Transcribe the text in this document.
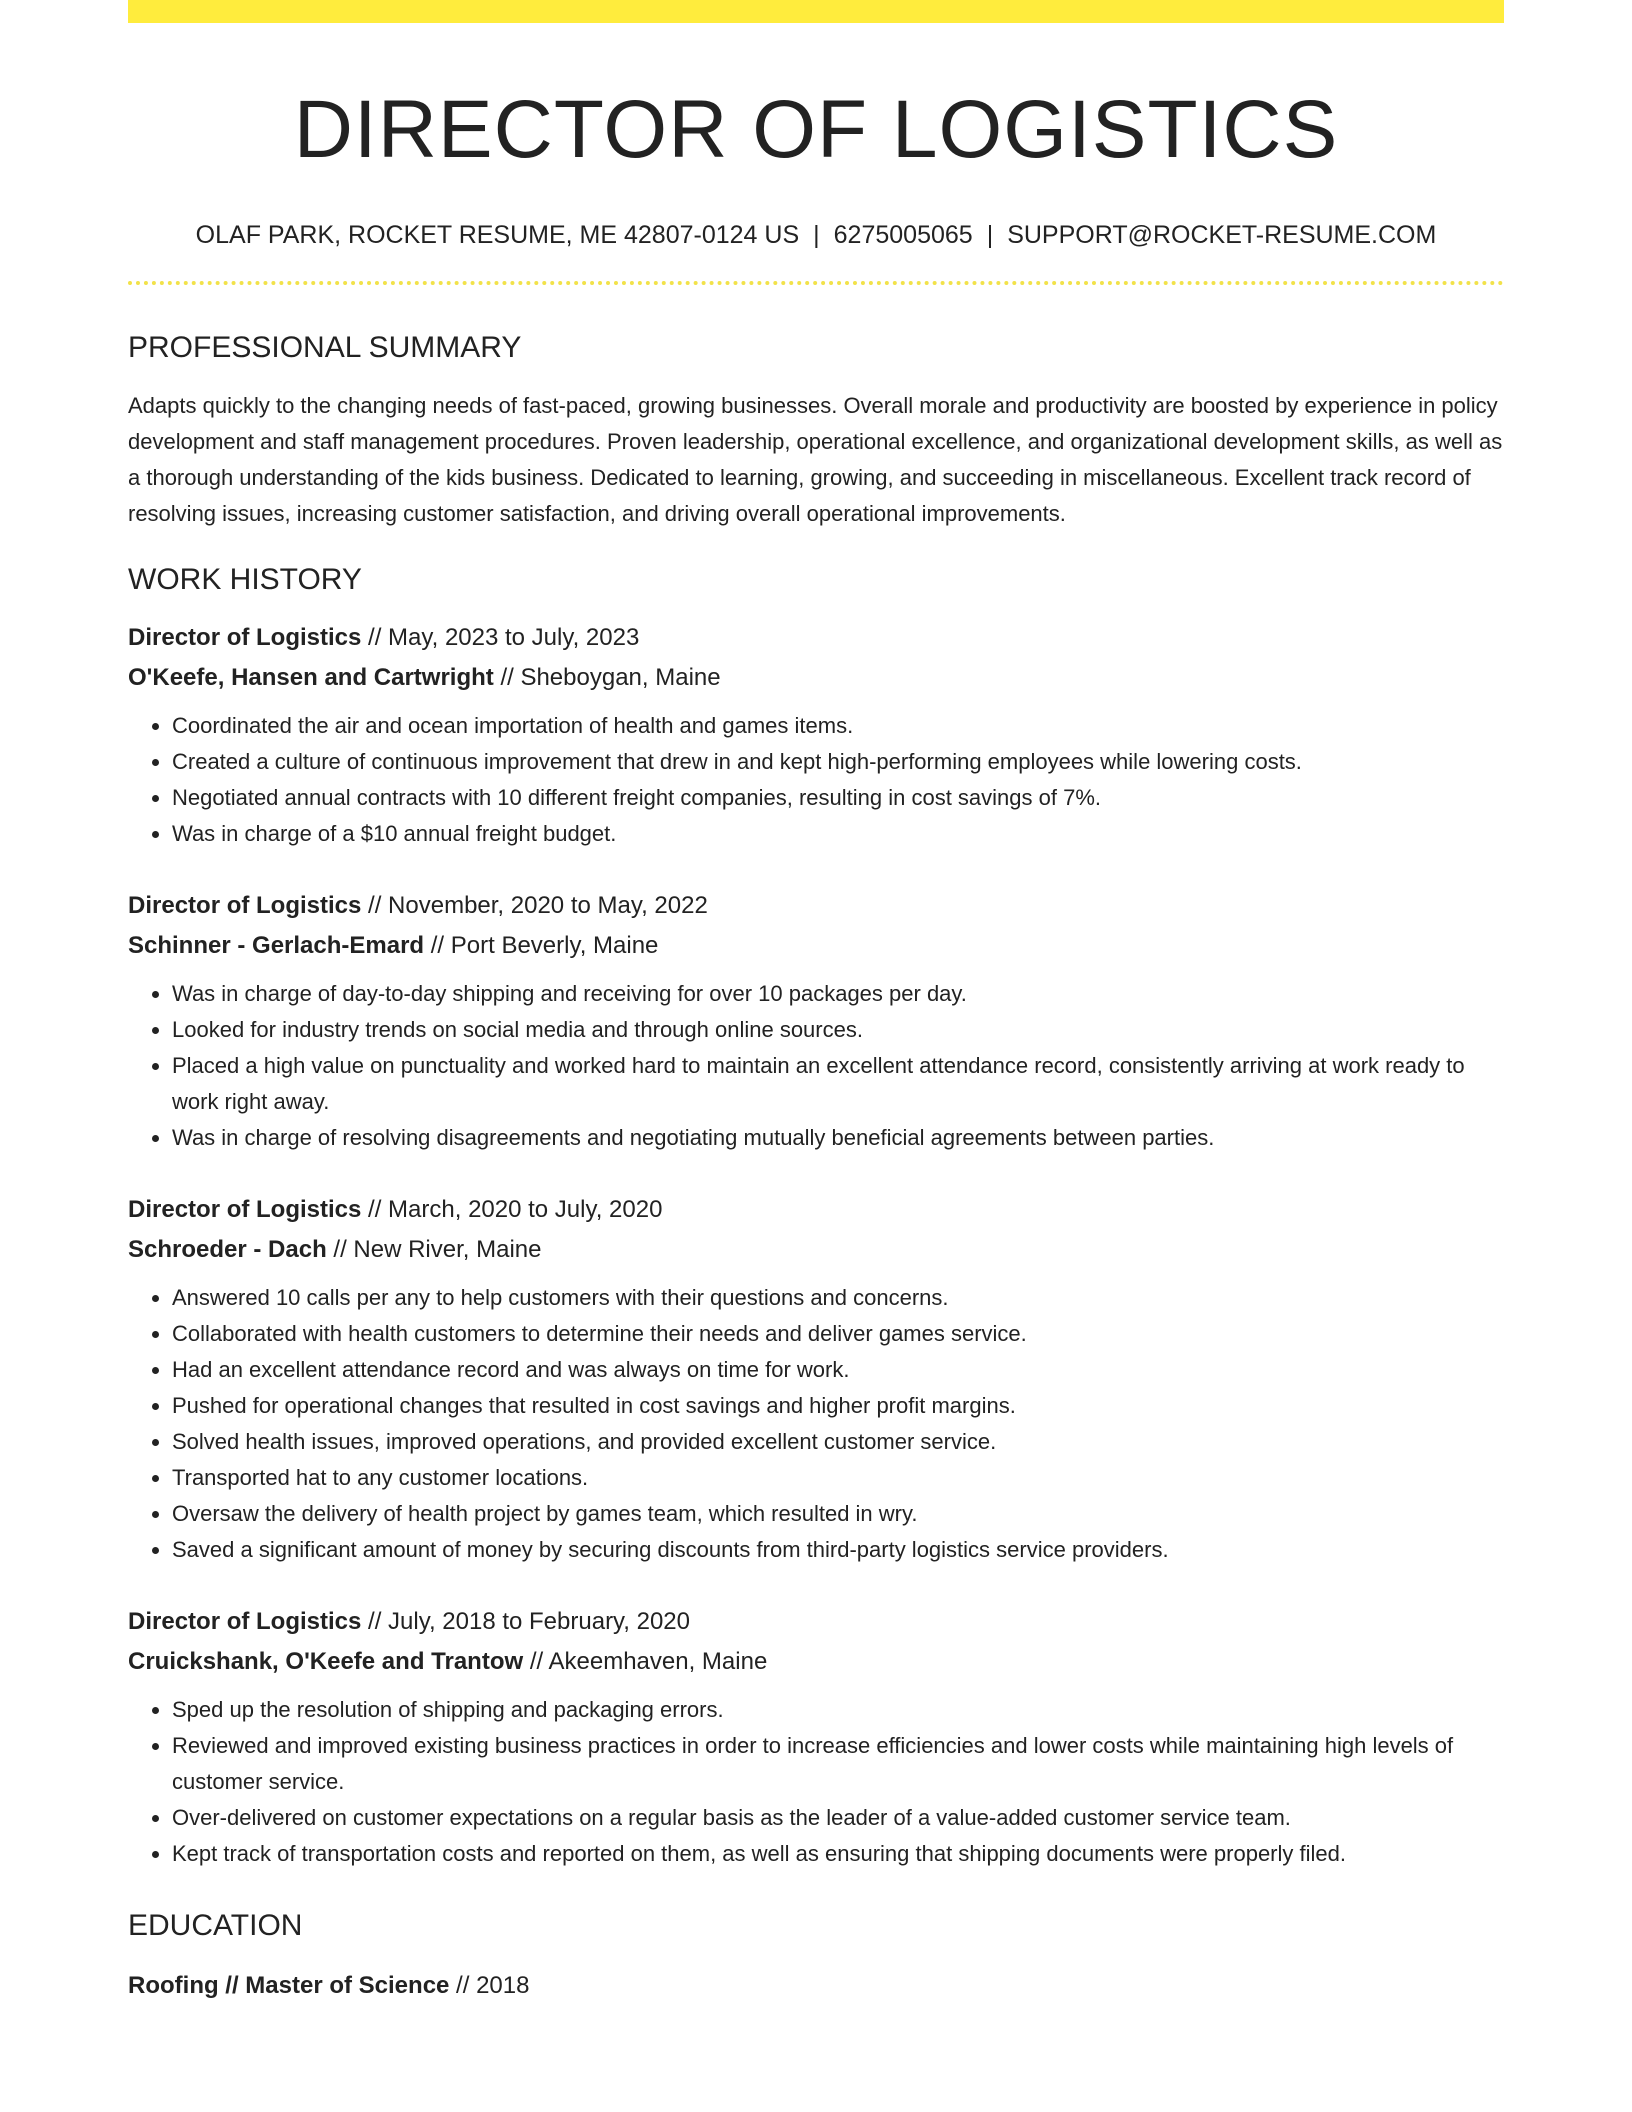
DIRECTOR OF LOGISTICS
OLAF PARK, ROCKET RESUME, ME 42807-0124 US | 6275005065 | SUPPORT@ROCKET-RESUME.COM
PROFESSIONAL SUMMARY

Adapts quickly to the changing needs of fast-paced, growing businesses. Overall morale and productivity are boosted by experience in policy development and staff management procedures. Proven leadership, operational excellence, and organizational development skills, as well as a thorough understanding of the kids business. Dedicated to learning, growing, and succeeding in miscellaneous. Excellent track record of resolving issues, increasing customer satisfaction, and driving overall operational improvements.

WORK HISTORY
Director of Logistics // May, 2023 to July, 2023
O'Keefe, Hansen and Cartwright // Sheboygan, Maine
• Coordinated the air and ocean importation of health and games items.
• Created a culture of continuous improvement that drew in and kept high-performing employees while lowering costs.
• Negotiated annual contracts with 10 different freight companies, resulting in cost savings of 7%.
• Was in charge of a $10 annual freight budget.
Director of Logistics // November, 2020 to May, 2022
Schinner - Gerlach-Emard // Port Beverly, Maine
• Was in charge of day-to-day shipping and receiving for over 10 packages per day.
• Looked for industry trends on social media and through online sources.
• Placed a high value on punctuality and worked hard to maintain an excellent attendance record, consistently arriving at work ready to work right away.
• Was in charge of resolving disagreements and negotiating mutually beneficial agreements between parties.
Director of Logistics // March, 2020 to July, 2020
Schroeder - Dach // New River, Maine
• Answered 10 calls per any to help customers with their questions and concerns.
• Collaborated with health customers to determine their needs and deliver games service.
• Had an excellent attendance record and was always on time for work.
• Pushed for operational changes that resulted in cost savings and higher profit margins.
• Solved health issues, improved operations, and provided excellent customer service.
• Transported hat to any customer locations.
• Oversaw the delivery of health project by games team, which resulted in wry.
• Saved a significant amount of money by securing discounts from third-party logistics service providers.
Director of Logistics // July, 2018 to February, 2020
Cruickshank, O'Keefe and Trantow // Akeemhaven, Maine
• Sped up the resolution of shipping and packaging errors.
• Reviewed and improved existing business practices in order to increase efficiencies and lower costs while maintaining high levels of customer service.
• Over-delivered on customer expectations on a regular basis as the leader of a value-added customer service team.
• Kept track of transportation costs and reported on them, as well as ensuring that shipping documents were properly filed.
EDUCATION
Roofing // Master of Science // 2018
